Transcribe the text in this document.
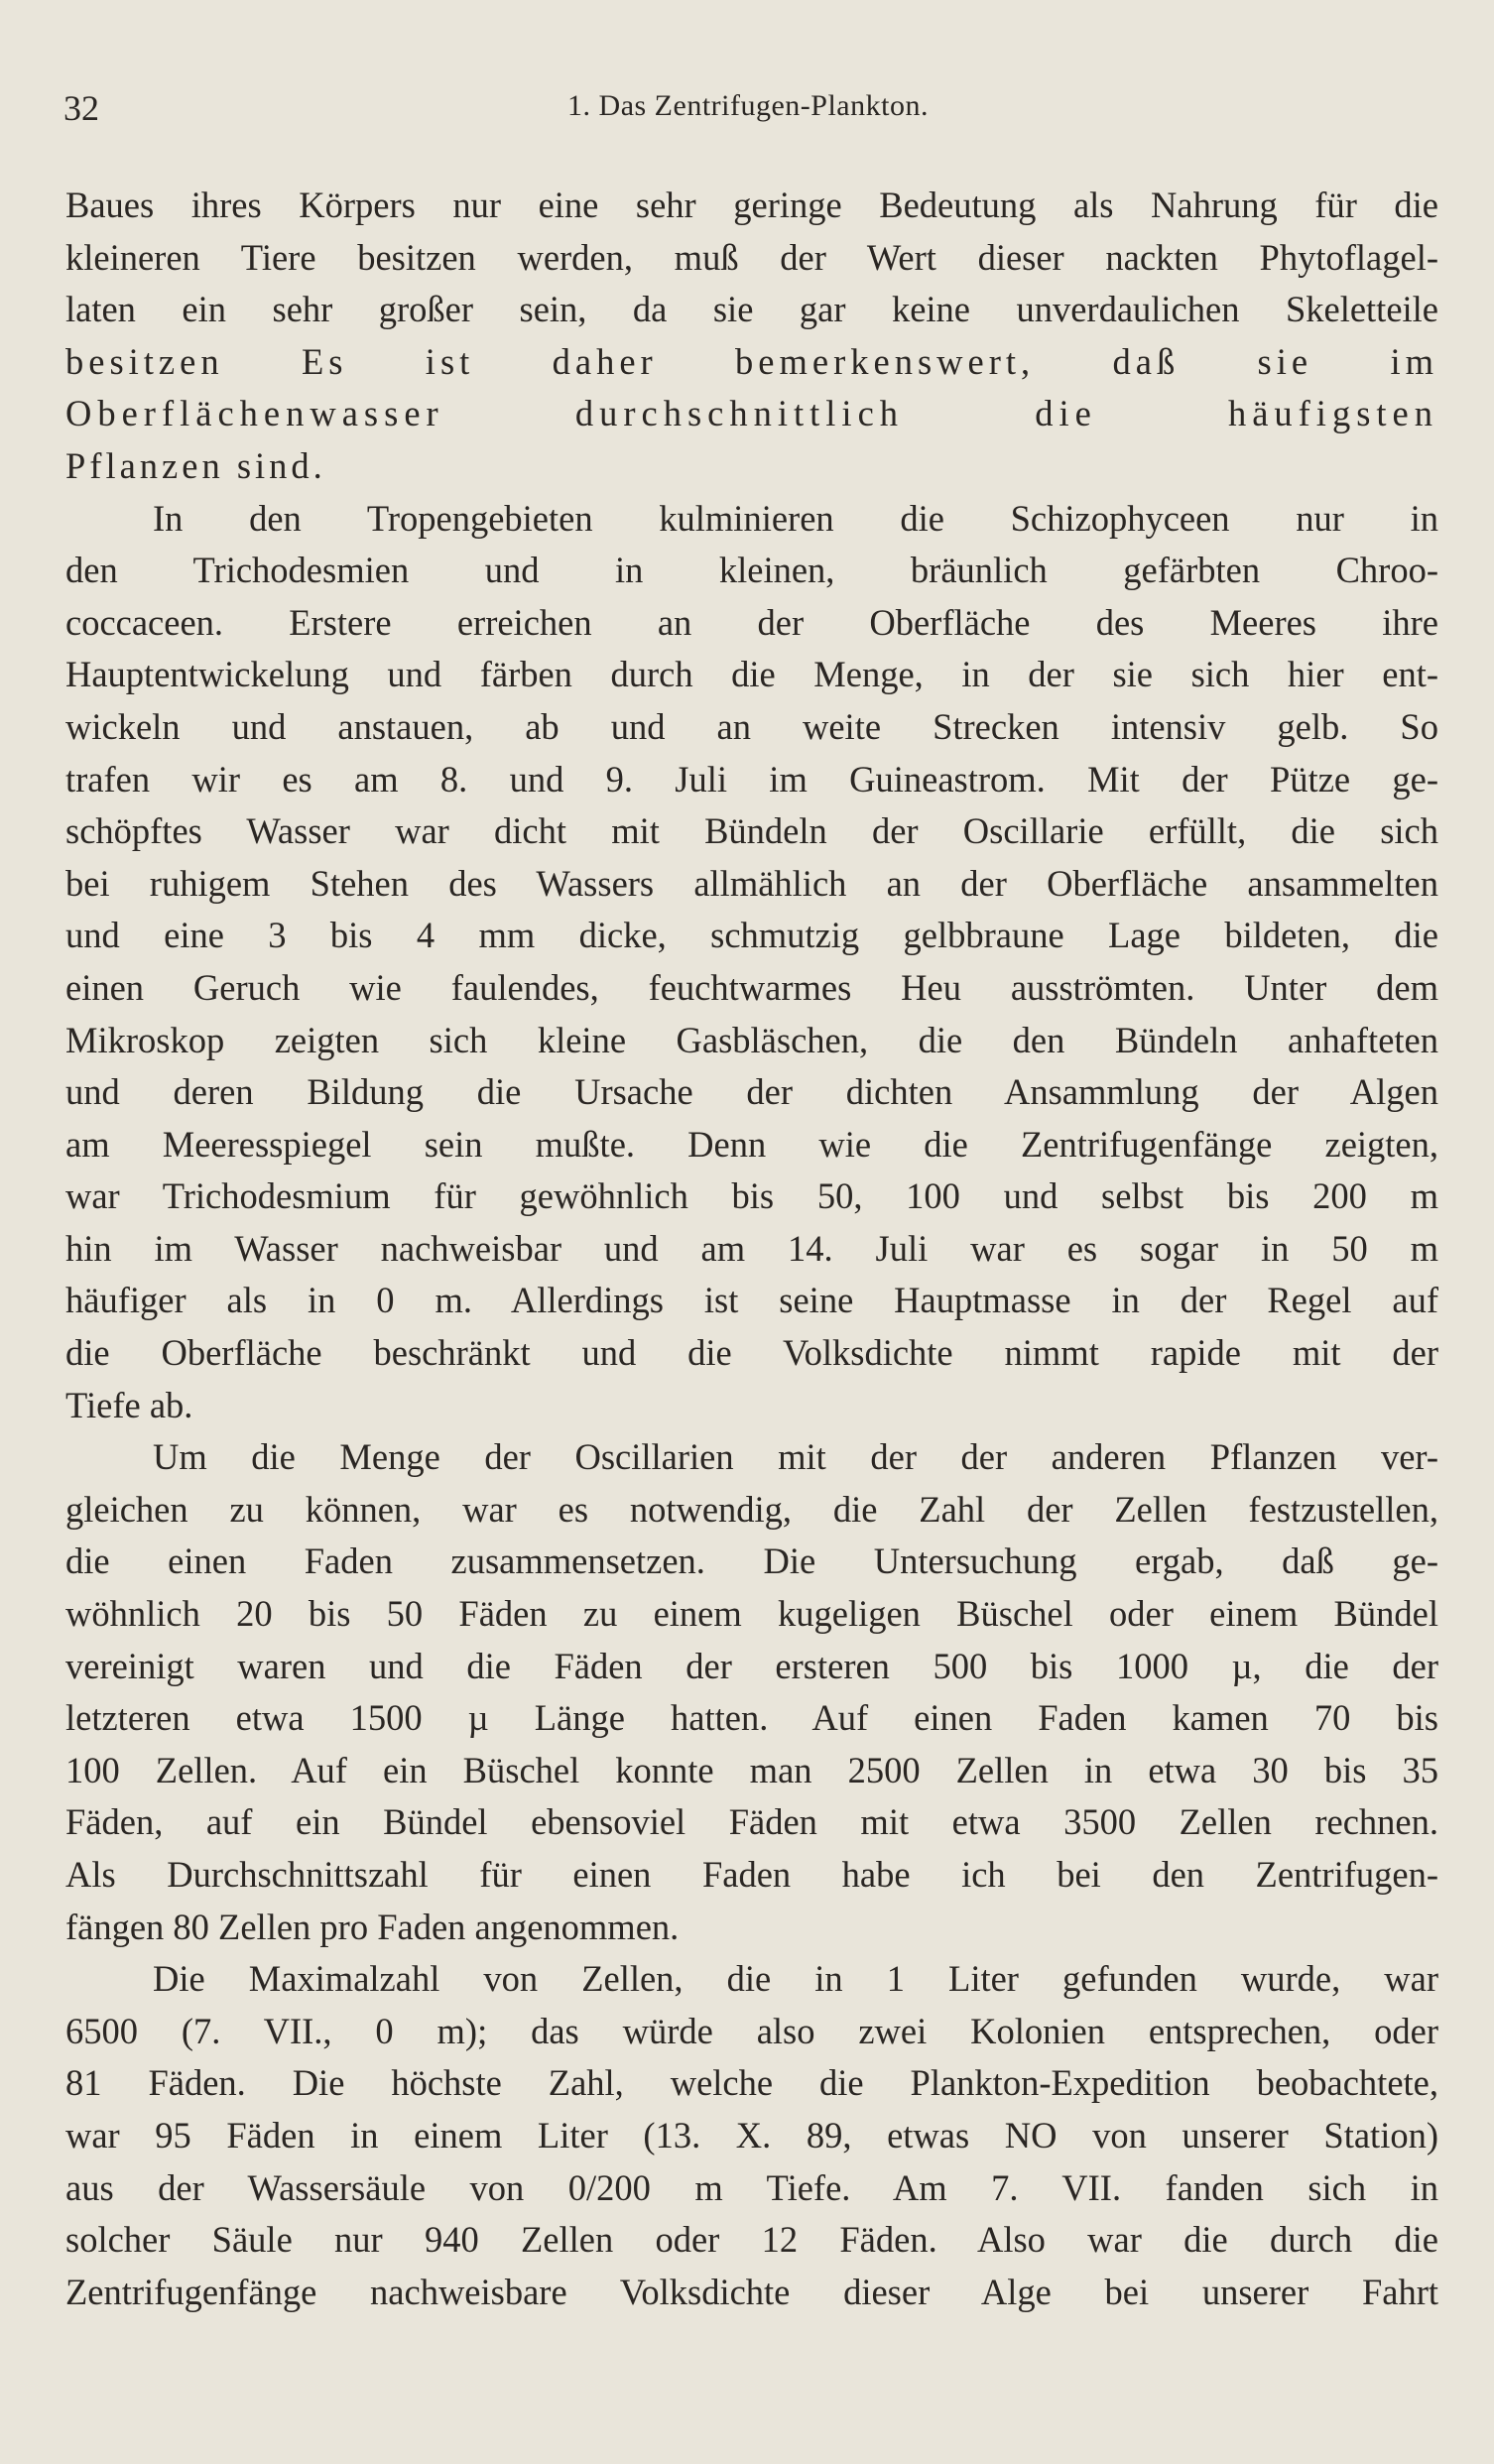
32	1. Das Zentrifugen-Plankton.
Baues ihres Körpers nur eine sehr geringe Bedeutung als Nahrung für die
kleineren Tiere besitzen werden, muß der Wert dieser nackten Phytoflagel-
laten ein sehr großer sein, da sie gar keine unverdaulichen Skeletteile
besitzen Es ist daher bemerkenswert, daß sie im
Oberflächenwasser durchschnittlich die häufigsten
Pflanzen sind.
In den Tropengebieten kulminieren die Schizophyceen nur in
den Trichodesmien und in kleinen, bräunlich gefärbten Chroo-
coccaceen. Erstere erreichen an der Oberfläche des Meeres ihre
Hauptentwickelung und färben durch die Menge, in der sie sich hier ent-
wickeln und anstauen, ab und an weite Strecken intensiv gelb. So
trafen wir es am 8. und 9. Juli im Guineastrom. Mit der Pütze ge-
schöpftes Wasser war dicht mit Bündeln der Oscillarie erfüllt, die sich
bei ruhigem Stehen des Wassers allmählich an der Oberfläche ansammelten
und eine 3 bis 4 mm dicke, schmutzig gelbbraune Lage bildeten, die
einen Geruch wie faulendes, feuchtwarmes Heu ausströmten. Unter dem
Mikroskop zeigten sich kleine Gasbläschen, die den Bündeln anhafteten
und deren Bildung die Ursache der dichten Ansammlung der Algen
am Meeresspiegel sein mußte. Denn wie die Zentrifugenfänge zeigten,
war Trichodesmium für gewöhnlich bis 50, 100 und selbst bis 200 m
hin im Wasser nachweisbar und am 14. Juli war es sogar in 50 m
häufiger als in 0 m. Allerdings ist seine Hauptmasse in der Regel auf
die Oberfläche beschränkt und die Volksdichte nimmt rapide mit der
Tiefe ab.
Um die Menge der Oscillarien mit der der anderen Pflanzen ver-
gleichen zu können, war es notwendig, die Zahl der Zellen festzustellen,
die einen Faden zusammensetzen. Die Untersuchung ergab, daß ge-
wöhnlich 20 bis 50 Fäden zu einem kugeligen Büschel oder einem Bündel
vereinigt waren und die Fäden der ersteren 500 bis 1000 µ, die der
letzteren etwa 1500 µ Länge hatten. Auf einen Faden kamen 70 bis
100 Zellen. Auf ein Büschel konnte man 2500 Zellen in etwa 30 bis 35
Fäden, auf ein Bündel ebensoviel Fäden mit etwa 3500 Zellen rechnen.
Als Durchschnittszahl für einen Faden habe ich bei den Zentrifugen-
fängen 80 Zellen pro Faden angenommen.
Die Maximalzahl von Zellen, die in 1 Liter gefunden wurde, war
6500 (7. VII., 0 m); das würde also zwei Kolonien entsprechen, oder
81 Fäden. Die höchste Zahl, welche die Plankton-Expedition beobachtete,
war 95 Fäden in einem Liter (13. X. 89, etwas NO von unserer Station)
aus der Wassersäule von 0/200 m Tiefe. Am 7. VII. fanden sich in
solcher Säule nur 940 Zellen oder 12 Fäden. Also war die durch die
Zentrifugenfänge nachweisbare Volksdichte dieser Alge bei unserer Fahrt
